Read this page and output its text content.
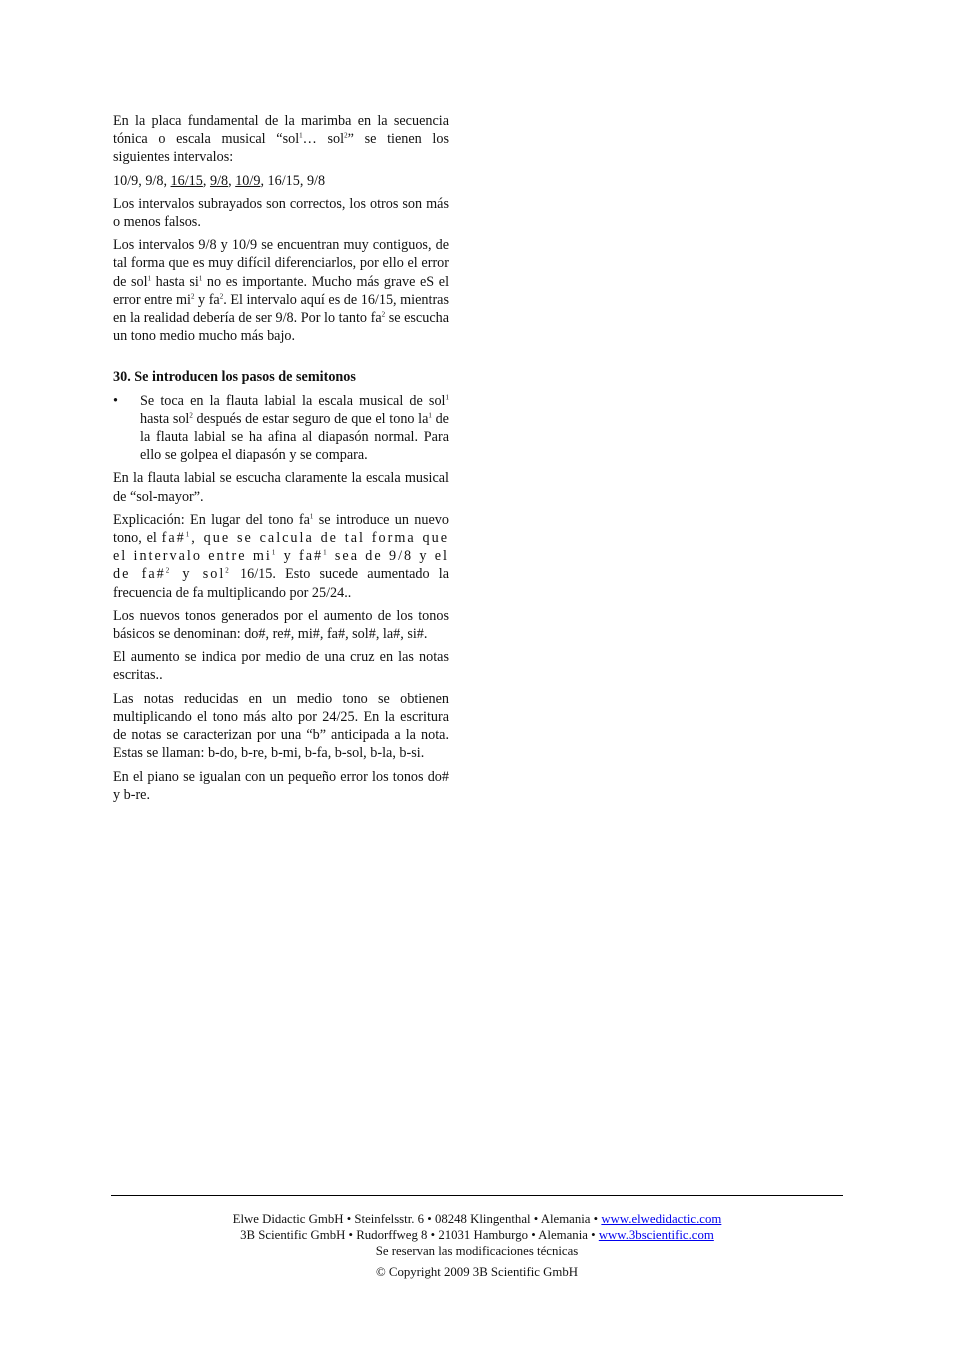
En la placa fundamental de la marimba en la secuencia tónica o escala musical “sol$^1$… sol$^2$” se tienen los siguientes intervalos:

10/9, 9/8, 16/15, 9/8, 10/9, 16/15, 9/8

Los intervalos subrayados son correctos, los otros son más o menos falsos.

Los intervalos 9/8 y 10/9 se encuentran muy contiguos, de tal forma que es muy difícil diferenciarlos, por ello el error de sol$^1$ hasta $si^1$ no es importante. Mucho más grave eS el error entre $mi^2$ y $fa^2$. El intervalo aquí es de 16/15, mientras en la realidad debería de ser 9/8. Por lo tanto $fa^2$ se escucha un tono medio mucho más bajo.

30. Se introducen los pasos de semitonos
• Se toca en la flauta labial la escala musical de sol$^1$ hasta sol$^2$ después de estar seguro de que el tono $la^1$ de la flauta labial se ha afina al diapasón normal. Para ello se golpea el diapasón y se compara.

En la flauta labial se escucha claramente la escala musical de “sol-mayor”.

Explicación: En lugar del tono $fa^1$ se introduce un nuevo tono, el fa#$^1$, que se calcula de tal forma que el intervalo entre $mi^1$ y fa#$^1$ sea de 9/8 y el de fa#$^2$ y sol$^2$ 16/15. Esto sucede aumentado la frecuencia de fa multiplicando por 25/24..

Los nuevos tonos generados por el aumento de los tonos básicos se denominan: do#, re#, mi#, fa#, sol#, la#, si#.

El aumento se indica por medio de una cruz en las notas escritas..

Las notas reducidas en un medio tono se obtienen multiplicando el tono más alto por 24/25. En la escritura de notas se caracterizan por una “b” anticipada a la nota. Estas se llaman: b-do, b-re, b-mi, b-fa, b-sol, b-la, b-si.

En el piano se igualan con un pequeño error los tonos do# y b-re.

Elwe Didactic GmbH • Steinfelsstr. 6 • 08248 Klingenthal • Alemania • www.elwedidactic.com
3B Scientific GmbH • Rudorffweg 8 • 21031 Hamburgo • Alemania • www.3bscientific.com
Se reservan las modificaciones técnicas
© Copyright 2009 3B Scientific GmbH
